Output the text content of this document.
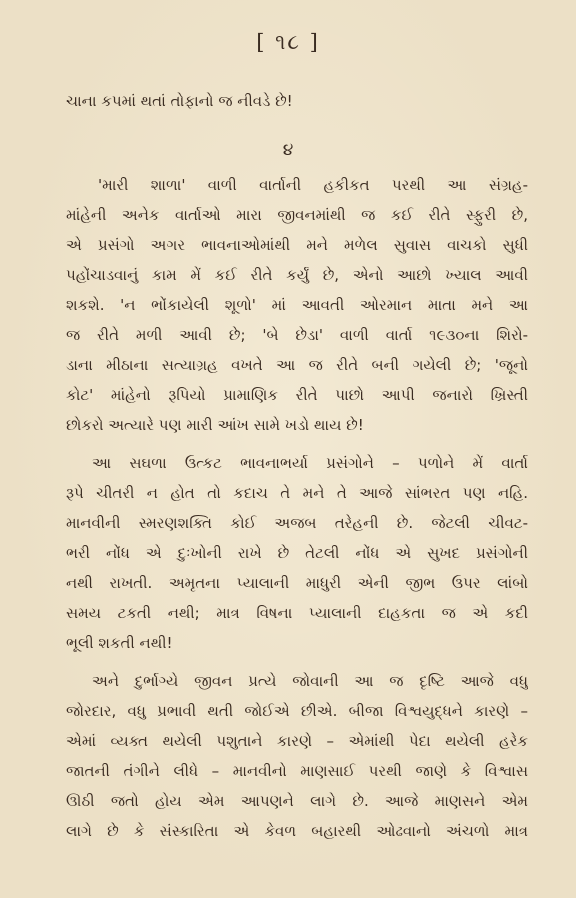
[ ૧૮ ]
ચાના કપમાં થતાં તોફાનો જ નીવડે છે!
૪
'મારી શાળા' વાળી વાર્તાની હકીકત પરથી આ સંગ્રહ-
માંહેની અનેક વાર્તાઓ મારા જીવનમાંથી જ કઈ રીતે સ્ફુરી છે,
એ પ્રસંગો અગર ભાવનાઓમાંથી મને મળેલ સુવાસ વાચકો સુધી
પહોંચાડવાનું કામ મેં કઈ રીતે કર્યું છે, એનો આછો ખ્યાલ આવી
શકશે. 'ન ભોંકાયેલી શૂળો' માં આવતી ઓરમાન માતા મને આ
જ રીતે મળી આવી છે; 'બે છેડા' વાળી વાર્તા ૧૯૩૦ના શિરો-
ડાના મીઠાના સત્યાગ્રહ વખતે આ જ રીતે બની ગયેલી છે; 'જૂનો
કોટ' માંહેનો રૂપિયો પ્રામાણિક રીતે પાછો આપી જનારો ખ્રિસ્તી
છોકરો અત્યારે પણ મારી આંખ સામે ખડો થાય છે!
આ સઘળા ઉત્કટ ભાવનાભર્યા પ્રસંગોને – પળોને મેં વાર્તા
રૂપે ચીતરી ન હોત તો કદાચ તે મને તે આજે સાંભરત પણ નહિ.
માનવીની સ્મરણશક્તિ કોઈ અજબ તરેહની છે. જેટલી ચીવટ-
ભરી નોંધ એ દુઃખોની રાખે છે તેટલી નોંધ એ સુખદ પ્રસંગોની
નથી રાખતી. અમૃતના પ્યાલાની માધુરી એની જીભ ઉપર લાંબો
સમય ટકતી નથી; માત્ર વિષના પ્યાલાની દાહકતા જ એ કદી
ભૂલી શકતી નથી!
અને દુર્ભાગ્યે જીવન પ્રત્યે જોવાની આ જ દૃષ્ટિ આજે વધુ
જોરદાર, વધુ પ્રભાવી થતી જોઈએ છીએ. બીજા વિશ્વયુદ્ધને કારણે –
એમાં વ્યક્ત થયેલી પશુતાને કારણે – એમાંથી પેદા થયેલી હરેક
જાતની તંગીને લીધે – માનવીનો માણસાઈ પરથી જાણે કે વિશ્વાસ
ઊઠી જતો હોય એમ આપણને લાગે છે. આજે માણસને એમ
લાગે છે કે સંસ્કારિતા એ કેવળ બહારથી ઓઢવાનો અંચળો માત્ર
